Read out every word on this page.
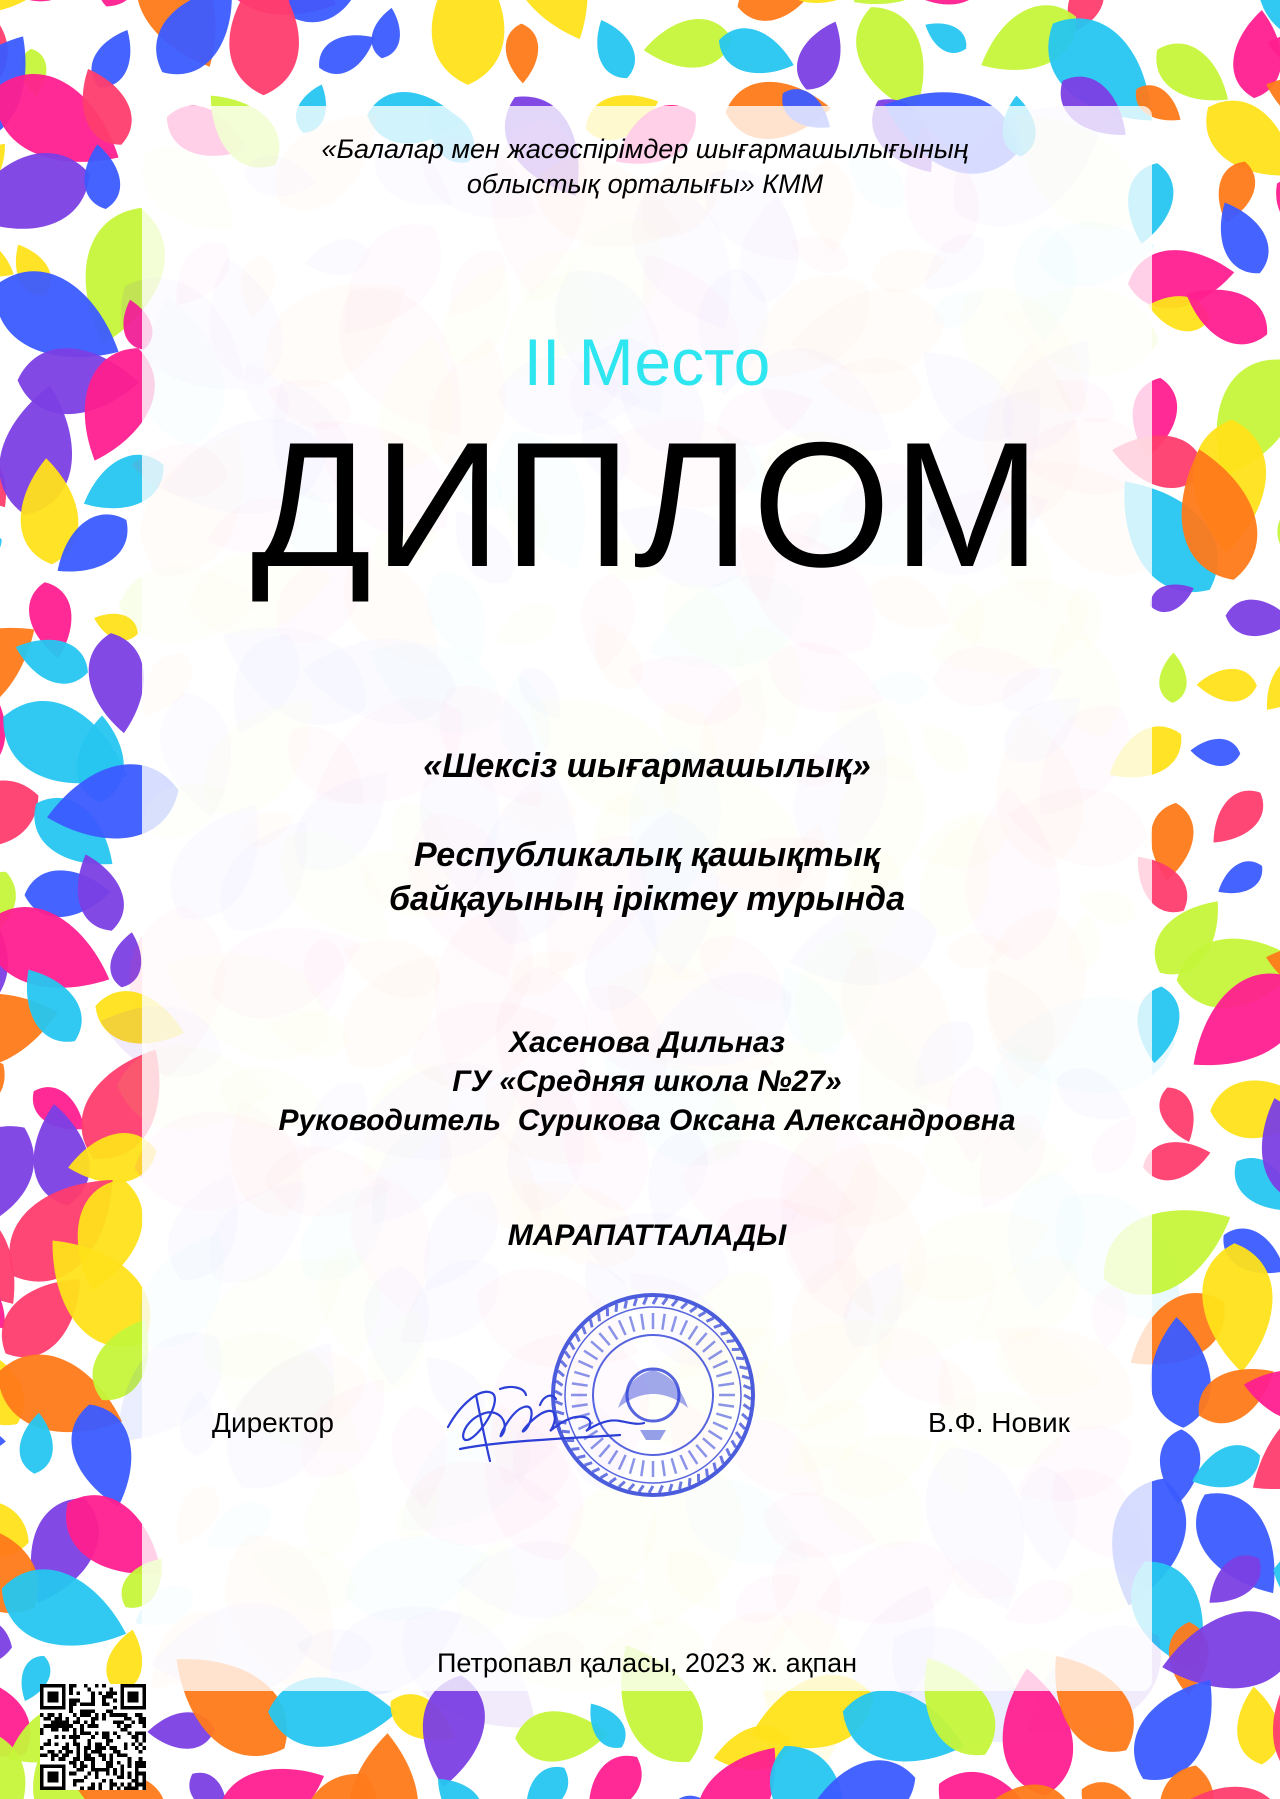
«Балалар мен жасөспірімдер шығармашылығының
облыстық орталығы» КММ
II Место
ДИПЛОМ
«Шексіз шығармашылық»
Республикалық қашықтық
байқауының іріктеу турында
Хасенова Дильназ
ГУ «Средняя школа №27»
Руководитель  Сурикова Оксана Александровна
МАРАПАТТАЛАДЫ
Директор	В.Ф. Новик
Петропавл қаласы, 2023 ж. ақпан
